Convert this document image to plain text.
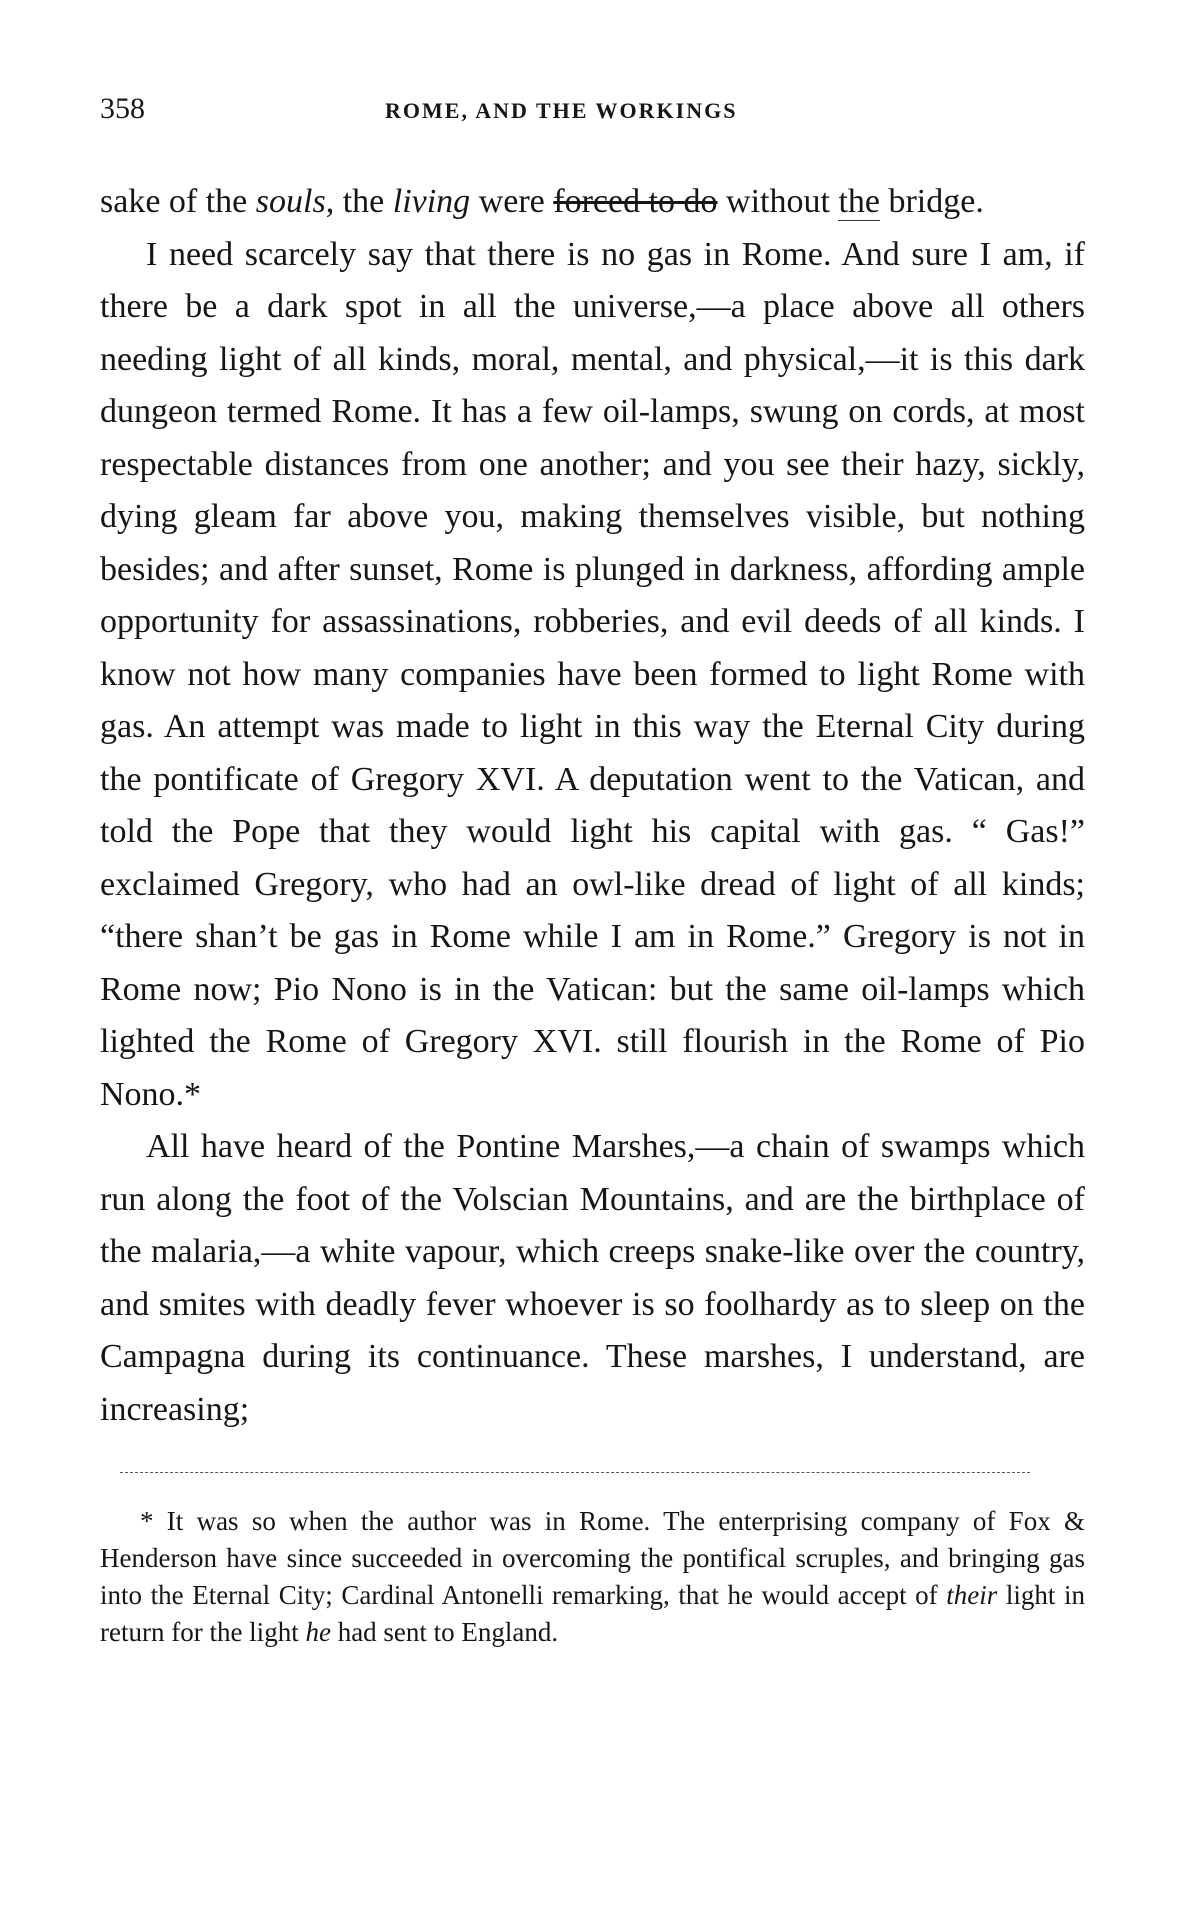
358	ROME, AND THE WORKINGS

sake of the souls, the living were forced to do without the bridge.

I need scarcely say that there is no gas in Rome. And sure I am, if there be a dark spot in all the universe,—a place above all others needing light of all kinds, moral, mental, and physical,—it is this dark dungeon termed Rome. It has a few oil-lamps, swung on cords, at most respectable distances from one another; and you see their hazy, sickly, dying gleam far above you, making themselves visible, but nothing besides; and after sunset, Rome is plunged in darkness, affording ample opportunity for assassinations, robberies, and evil deeds of all kinds. I know not how many companies have been formed to light Rome with gas. An attempt was made to light in this way the Eternal City during the pontificate of Gregory XVI. A deputation went to the Vatican, and told the Pope that they would light his capital with gas. “ Gas!” exclaimed Gregory, who had an owl-like dread of light of all kinds; “there shan’t be gas in Rome while I am in Rome.” Gregory is not in Rome now; Pio Nono is in the Vatican: but the same oil-lamps which lighted the Rome of Gregory XVI. still flourish in the Rome of Pio Nono.*

All have heard of the Pontine Marshes,—a chain of swamps which run along the foot of the Volscian Mountains, and are the birthplace of the malaria,—a white vapour, which creeps snake-like over the country, and smites with deadly fever whoever is so foolhardy as to sleep on the Campagna during its continuance. These marshes, I understand, are increasing;

* It was so when the author was in Rome. The enterprising company of Fox & Henderson have since succeeded in overcoming the pontifical scruples, and bringing gas into the Eternal City; Cardinal Antonelli remarking, that he would accept of their light in return for the light he had sent to England.
